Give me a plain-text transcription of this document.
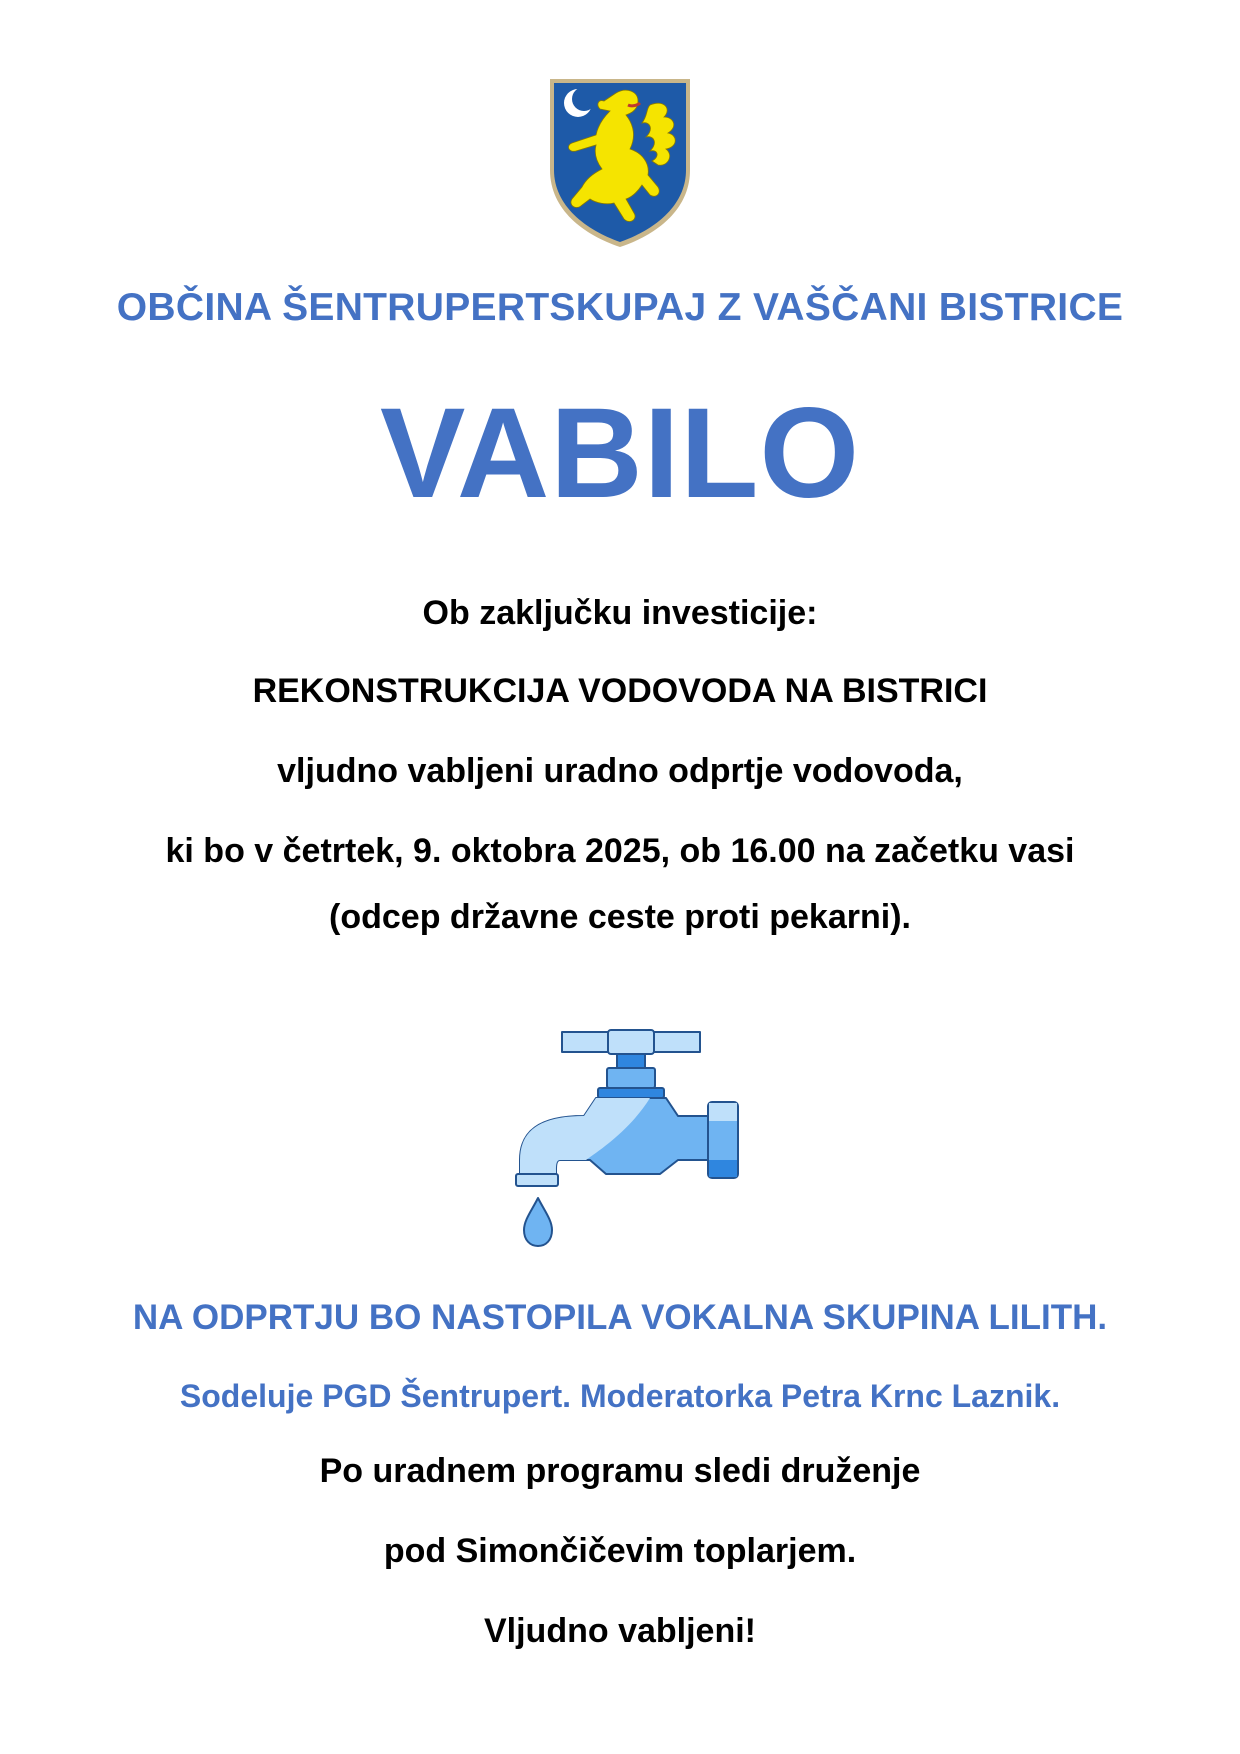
OBČINA ŠENTRUPERTSKUPAJ Z VAŠČANI BISTRICE
VABILO
Ob zaključku investicije:
REKONSTRUKCIJA VODOVODA NA BISTRICI
vljudno vabljeni uradno odprtje vodovoda,
ki bo v četrtek, 9. oktobra 2025, ob 16.00 na začetku vasi
(odcep državne ceste proti pekarni).
NA ODPRTJU BO NASTOPILA VOKALNA SKUPINA LILITH.
Sodeluje PGD Šentrupert. Moderatorka Petra Krnc Laznik.
Po uradnem programu sledi druženje
pod Simončičevim toplarjem.
Vljudno vabljeni!
